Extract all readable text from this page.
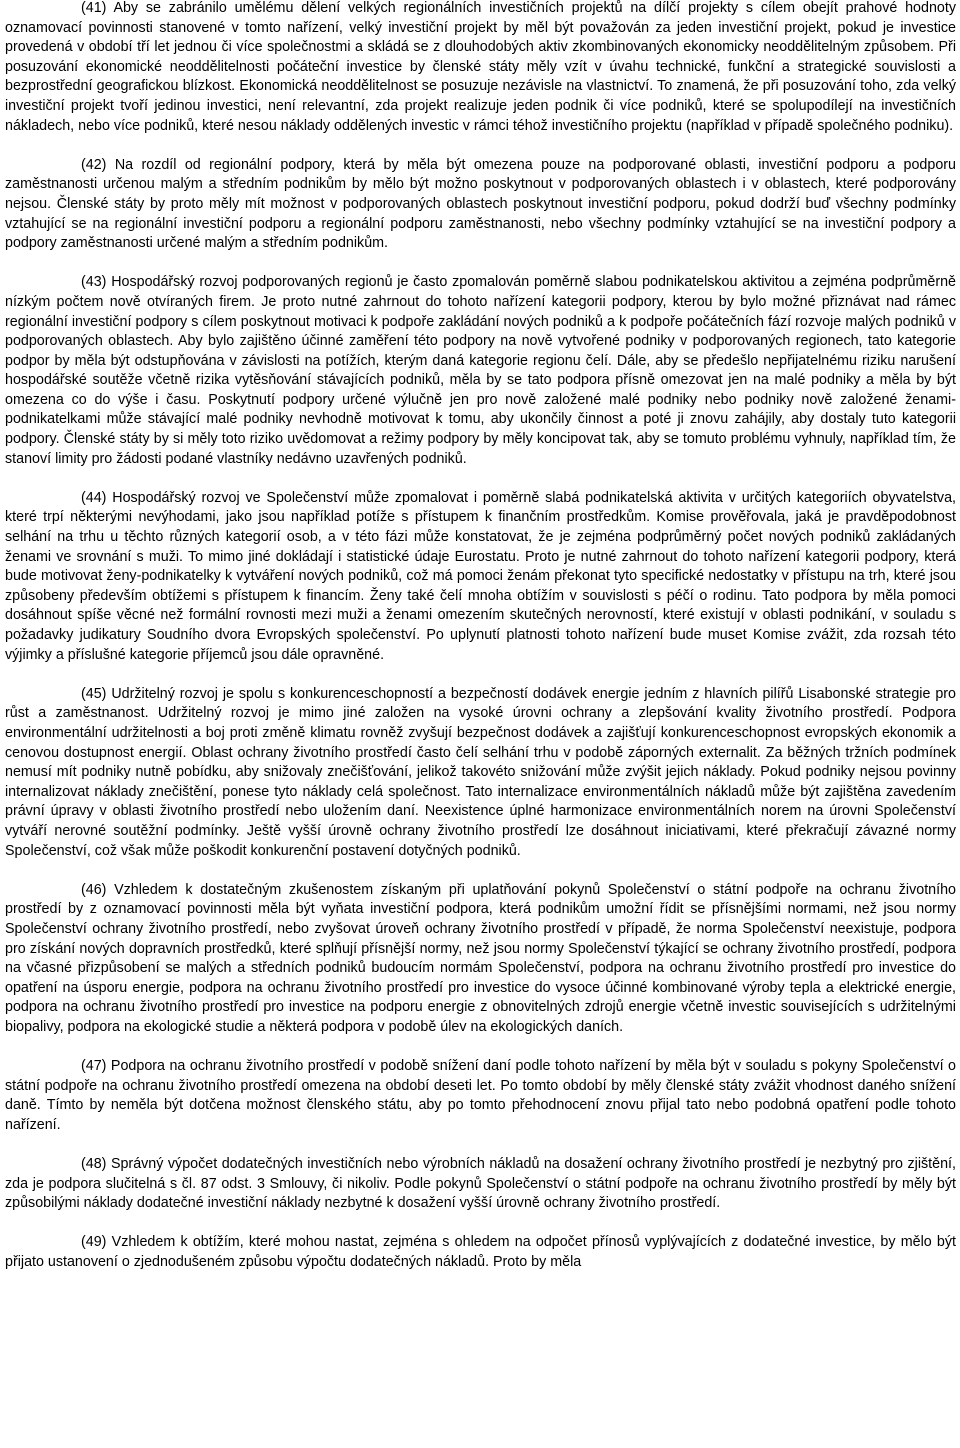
(41) Aby se zabránilo umělému dělení velkých regionálních investičních projektů na dílčí projekty s cílem obejít prahové hodnoty oznamovací povinnosti stanovené v tomto nařízení, velký investiční projekt by měl být považován za jeden investiční projekt, pokud je investice provedená v období tří let jednou či více společnostmi a skládá se z dlouhodobých aktiv zkombinovaných ekonomicky neoddělitelným způsobem. Při posuzování ekonomické neoddělitelnosti počáteční investice by členské státy měly vzít v úvahu technické, funkční a strategické souvislosti a bezprostřední geografickou blízkost. Ekonomická neoddělitelnost se posuzuje nezávisle na vlastnictví. To znamená, že při posuzování toho, zda velký investiční projekt tvoří jedinou investici, není relevantní, zda projekt realizuje jeden podnik či více podniků, které se spolupodílejí na investičních nákladech, nebo více podniků, které nesou náklady oddělených investic v rámci téhož investičního projektu (například v případě společného podniku).

(42) Na rozdíl od regionální podpory, která by měla být omezena pouze na podporované oblasti, investiční podporu a podporu zaměstnanosti určenou malým a středním podnikům by mělo být možno poskytnout v podporovaných oblastech i v oblastech, které podporovány nejsou. Členské státy by proto měly mít možnost v podporovaných oblastech poskytnout investiční podporu, pokud dodrží buď všechny podmínky vztahující se na regionální investiční podporu a regionální podporu zaměstnanosti, nebo všechny podmínky vztahující se na investiční podpory a podpory zaměstnanosti určené malým a středním podnikům.

(43) Hospodářský rozvoj podporovaných regionů je často zpomalován poměrně slabou podnikatelskou aktivitou a zejména podprůměrně nízkým počtem nově otvíraných firem. Je proto nutné zahrnout do tohoto nařízení kategorii podpory, kterou by bylo možné přiznávat nad rámec regionální investiční podpory s cílem poskytnout motivaci k podpoře zakládání nových podniků a k podpoře počátečních fází rozvoje malých podniků v podporovaných oblastech. Aby bylo zajištěno účinné zaměření této podpory na nově vytvořené podniky v podporovaných regionech, tato kategorie podpor by měla být odstupňována v závislosti na potížích, kterým daná kategorie regionu čelí. Dále, aby se předešlo nepřijatelnému riziku narušení hospodářské soutěže včetně rizika vytěsňování stávajících podniků, měla by se tato podpora přísně omezovat jen na malé podniky a měla by být omezena co do výše i času. Poskytnutí podpory určené výlučně jen pro nově založené malé podniky nebo podniky nově založené ženami-podnikatelkami může stávající malé podniky nevhodně motivovat k tomu, aby ukončily činnost a poté ji znovu zahájily, aby dostaly tuto kategorii podpory. Členské státy by si měly toto riziko uvědomovat a režimy podpory by měly koncipovat tak, aby se tomuto problému vyhnuly, například tím, že stanoví limity pro žádosti podané vlastníky nedávno uzavřených podniků.

(44) Hospodářský rozvoj ve Společenství může zpomalovat i poměrně slabá podnikatelská aktivita v určitých kategoriích obyvatelstva, které trpí některými nevýhodami, jako jsou například potíže s přístupem k finančním prostředkům. Komise prověřovala, jaká je pravděpodobnost selhání na trhu u těchto různých kategorií osob, a v této fázi může konstatovat, že je zejména podprůměrný počet nových podniků zakládaných ženami ve srovnání s muži. To mimo jiné dokládají i statistické údaje Eurostatu. Proto je nutné zahrnout do tohoto nařízení kategorii podpory, která bude motivovat ženy-podnikatelky k vytváření nových podniků, což má pomoci ženám překonat tyto specifické nedostatky v přístupu na trh, které jsou způsobeny především obtížemi s přístupem k financím. Ženy také čelí mnoha obtížím v souvislosti s péčí o rodinu. Tato podpora by měla pomoci dosáhnout spíše věcné než formální rovnosti mezi muži a ženami omezením skutečných nerovností, které existují v oblasti podnikání, v souladu s požadavky judikatury Soudního dvora Evropských společenství. Po uplynutí platnosti tohoto nařízení bude muset Komise zvážit, zda rozsah této výjimky a příslušné kategorie příjemců jsou dále opravněné.

(45) Udržitelný rozvoj je spolu s konkurenceschopností a bezpečností dodávek energie jedním z hlavních pilířů Lisabonské strategie pro růst a zaměstnanost. Udržitelný rozvoj je mimo jiné založen na vysoké úrovni ochrany a zlepšování kvality životního prostředí. Podpora environmentální udržitelnosti a boj proti změně klimatu rovněž zvyšují bezpečnost dodávek a zajišťují konkurenceschopnost evropských ekonomik a cenovou dostupnost energií. Oblast ochrany životního prostředí často čelí selhání trhu v podobě záporných externalit. Za běžných tržních podmínek nemusí mít podniky nutně pobídku, aby snižovaly znečišťování, jelikož takovéto snižování může zvýšit jejich náklady. Pokud podniky nejsou povinny internalizovat náklady znečištění, ponese tyto náklady celá společnost. Tato internalizace environmentálních nákladů může být zajištěna zavedením právní úpravy v oblasti životního prostředí nebo uložením daní. Neexistence úplné harmonizace environmentálních norem na úrovni Společenství vytváří nerovné soutěžní podmínky. Ještě vyšší úrovně ochrany životního prostředí lze dosáhnout iniciativami, které překračují závazné normy Společenství, což však může poškodit konkurenční postavení dotyčných podniků.

(46) Vzhledem k dostatečným zkušenostem získaným při uplatňování pokynů Společenství o státní podpoře na ochranu životního prostředí by z oznamovací povinnosti měla být vyňata investiční podpora, která podnikům umožní řídit se přísnějšími normami, než jsou normy Společenství ochrany životního prostředí, nebo zvyšovat úroveň ochrany životního prostředí v případě, že norma Společenství neexistuje, podpora pro získání nových dopravních prostředků, které splňují přísnější normy, než jsou normy Společenství týkající se ochrany životního prostředí, podpora na včasné přizpůsobení se malých a středních podniků budoucím normám Společenství, podpora na ochranu životního prostředí pro investice do opatření na úsporu energie, podpora na ochranu životního prostředí pro investice do vysoce účinné kombinované výroby tepla a elektrické energie, podpora na ochranu životního prostředí pro investice na podporu energie z obnovitelných zdrojů energie včetně investic souvisejících s udržitelnými biopalivy, podpora na ekologické studie a některá podpora v podobě úlev na ekologických daních.

(47) Podpora na ochranu životního prostředí v podobě snížení daní podle tohoto nařízení by měla být v souladu s pokyny Společenství o státní podpoře na ochranu životního prostředí omezena na období deseti let. Po tomto období by měly členské státy zvážit vhodnost daného snížení daně. Tímto by neměla být dotčena možnost členského státu, aby po tomto přehodnocení znovu přijal tato nebo podobná opatření podle tohoto nařízení.

(48) Správný výpočet dodatečných investičních nebo výrobních nákladů na dosažení ochrany životního prostředí je nezbytný pro zjištění, zda je podpora slučitelná s čl. 87 odst. 3 Smlouvy, či nikoliv. Podle pokynů Společenství o státní podpoře na ochranu životního prostředí by měly být způsobilými náklady dodatečné investiční náklady nezbytné k dosažení vyšší úrovně ochrany životního prostředí.

(49) Vzhledem k obtížím, které mohou nastat, zejména s ohledem na odpočet přínosů vyplývajících z dodatečné investice, by mělo být přijato ustanovení o zjednodušeném způsobu výpočtu dodatečných nákladů. Proto by měla
